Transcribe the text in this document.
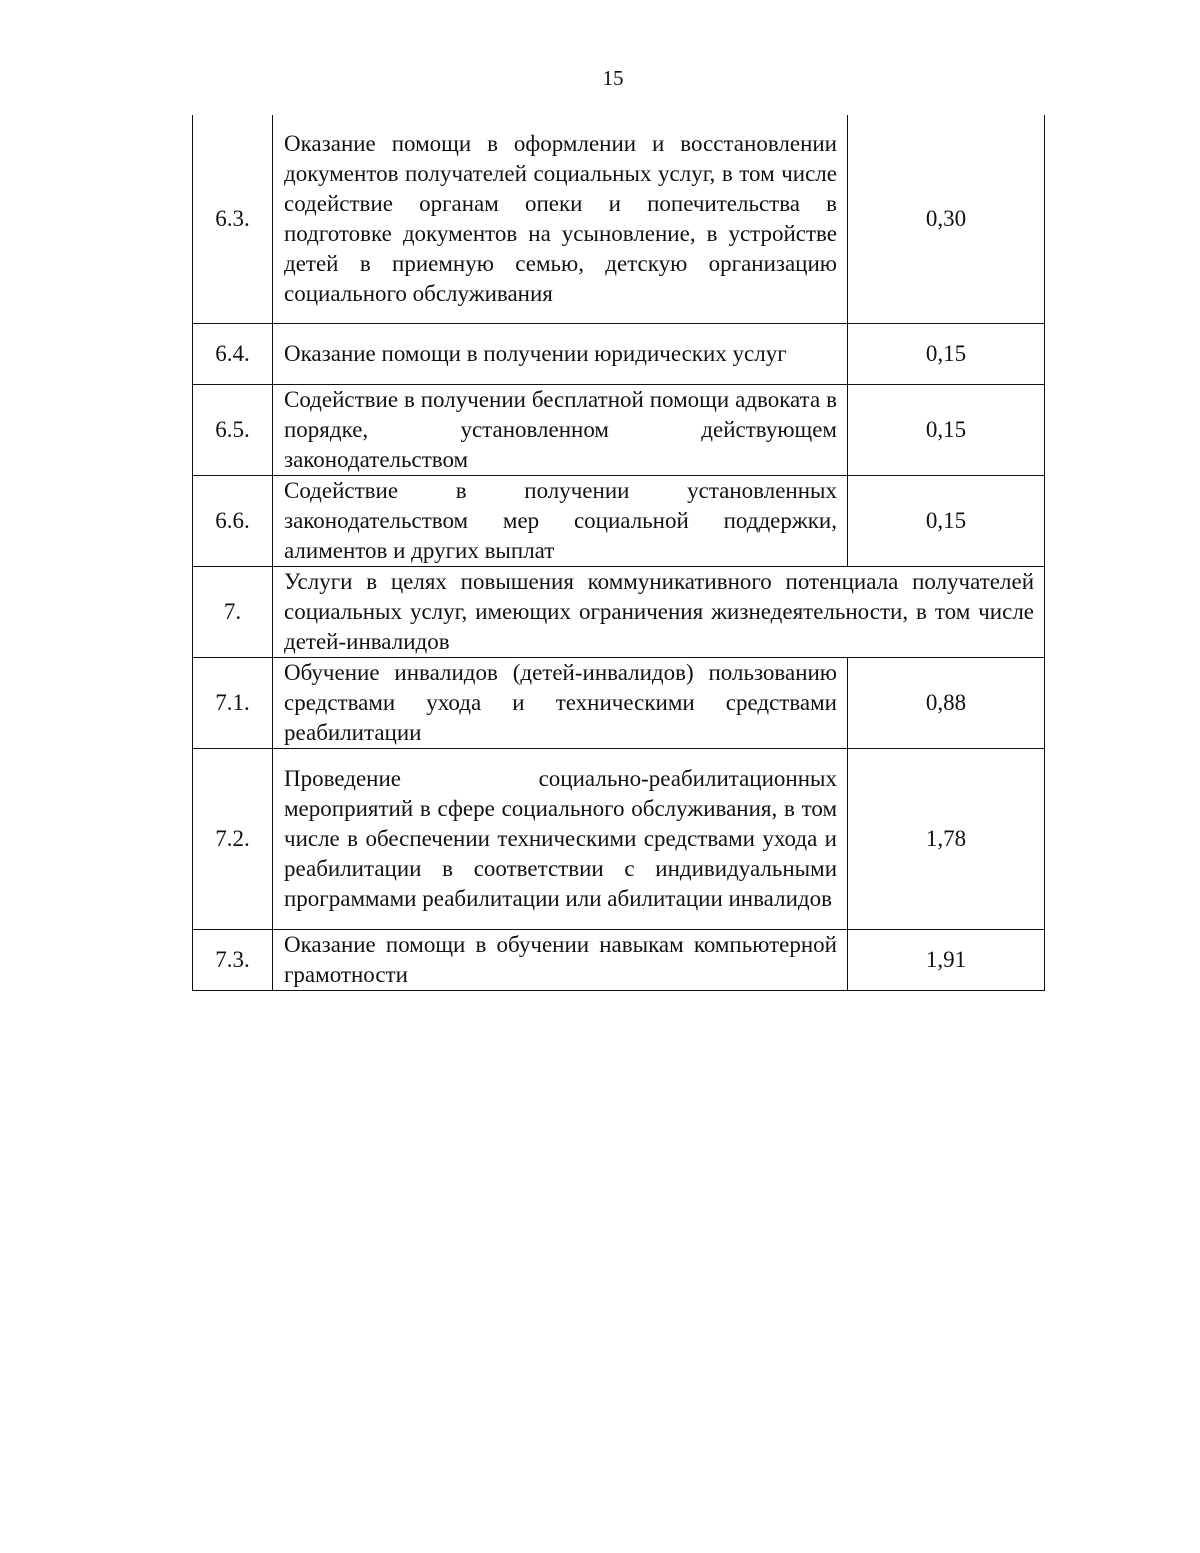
15
6.3.	Оказание помощи в оформлении и восстановлении документов получателей социальных услуг, в том числе содействие органам опеки и попечительства в подготовке документов на усыновление, в устройстве детей в приемную семью, детскую организацию социального обслуживания	0,30
6.4.	Оказание помощи в получении юридических услуг	0,15
6.5.	Содействие в получении бесплатной помощи адвоката в порядке, установленном действующем законодательством	0,15
6.6.	Содействие в получении установленных законодательством мер социальной поддержки, алиментов и других выплат	0,15
7.	Услуги в целях повышения коммуникативного потенциала получателей социальных услуг, имеющих ограничения жизнедеятельности, в том числе детей-инвалидов	
7.1.	Обучение инвалидов (детей-инвалидов) пользованию средствами ухода и техническими средствами реабилитации	0,88
7.2.	Проведение социально-реабилитационных мероприятий в сфере социального обслуживания, в том числе в обеспечении техническими средствами ухода и реабилитации в соответствии с индивидуальными программами реабилитации или абилитации инвалидов	1,78
7.3.	Оказание помощи в обучении навыкам компьютерной грамотности	1,91
